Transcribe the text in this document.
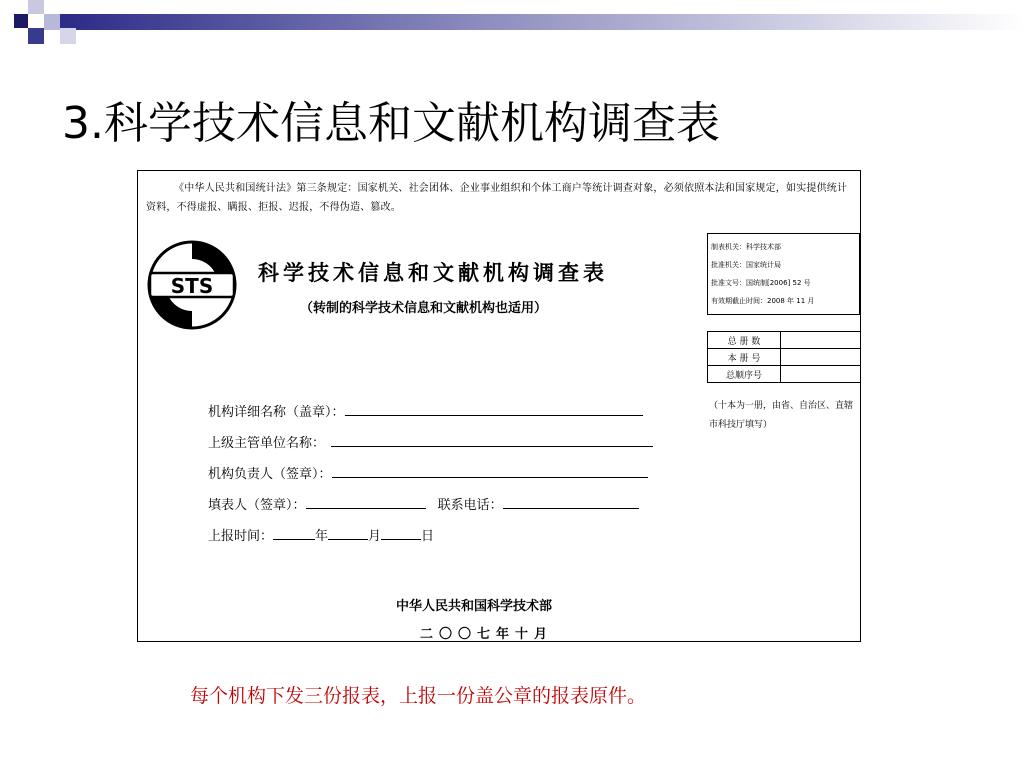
3.科学技术信息和文献机构调查表
《中华人民共和国统计法》第三条规定：国家机关、社会团体、企业事业组织和个体工商户等统计调查对象，必须依照本法和国家规定，如实提供统计资料，不得虚报、瞒报、拒报、迟报，不得伪造、篡改。
STS
科学技术信息和文献机构调查表
（转制的科学技术信息和文献机构也适用）
制表机关：科学技术部
批准机关：国家统计局
批准文号：国统制[2006] 52 号
有效期截止时间：2008 年 11 月
总 册 数	
本 册 号	
总顺序号	
（十本为一册，由省、自治区、直辖市科技厅填写）
机构详细名称（盖章）：
上级主管单位名称：
机构负责人（签章）：
填表人（签章）：	联系电话：
上报时间：	年	月	日
中华人民共和国科学技术部
二〇〇七年十月
每个机构下发三份报表，上报一份盖公章的报表原件。
